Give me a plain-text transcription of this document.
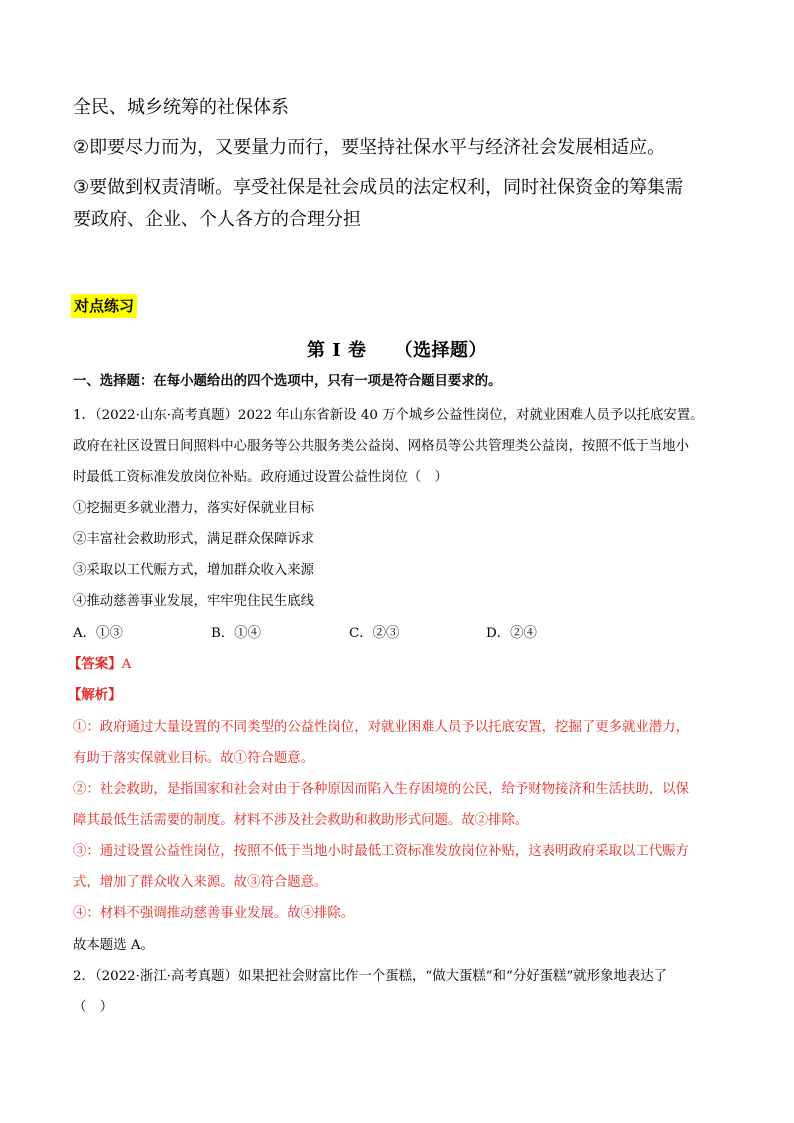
全民、城乡统筹的社保体系
②即要尽力而为，又要量力而行，要坚持社保水平与经济社会发展相适应。
③要做到权责清晰。享受社保是社会成员的法定权利，同时社保资金的筹集需
要政府、企业、个人各方的合理分担
对点练习
第 I 卷　　（选择题）
一、选择题：在每小题给出的四个选项中，只有一项是符合题目要求的。
1．（2022·山东·高考真题）2022 年山东省新设 40 万个城乡公益性岗位，对就业困难人员予以托底安置。
政府在社区设置日间照料中心服务等公共服务类公益岗、网格员等公共管理类公益岗，按照不低于当地小
时最低工资标准发放岗位补贴。政府通过设置公益性岗位（　）
①挖掘更多就业潜力，落实好保就业目标
②丰富社会救助形式，满足群众保障诉求
③采取以工代赈方式，增加群众收入来源
④推动慈善事业发展，牢牢兜住民生底线
A．①③	B．①④	C．②③	D．②④
【答案】A
【解析】
①：政府通过大量设置的不同类型的公益性岗位，对就业困难人员予以托底安置，挖掘了更多就业潜力，
有助于落实保就业目标。故①符合题意。
②：社会救助，是指国家和社会对由于各种原因而陷入生存困境的公民，给予财物接济和生活扶助，以保
障其最低生活需要的制度。材料不涉及社会救助和救助形式问题。故②排除。
③：通过设置公益性岗位，按照不低于当地小时最低工资标准发放岗位补贴，这表明政府采取以工代赈方
式，增加了群众收入来源。故③符合题意。
④：材料不强调推动慈善事业发展。故④排除。
故本题选 A。
2．（2022·浙江·高考真题）如果把社会财富比作一个蛋糕，“做大蛋糕”和“分好蛋糕”就形象地表达了
（　）
